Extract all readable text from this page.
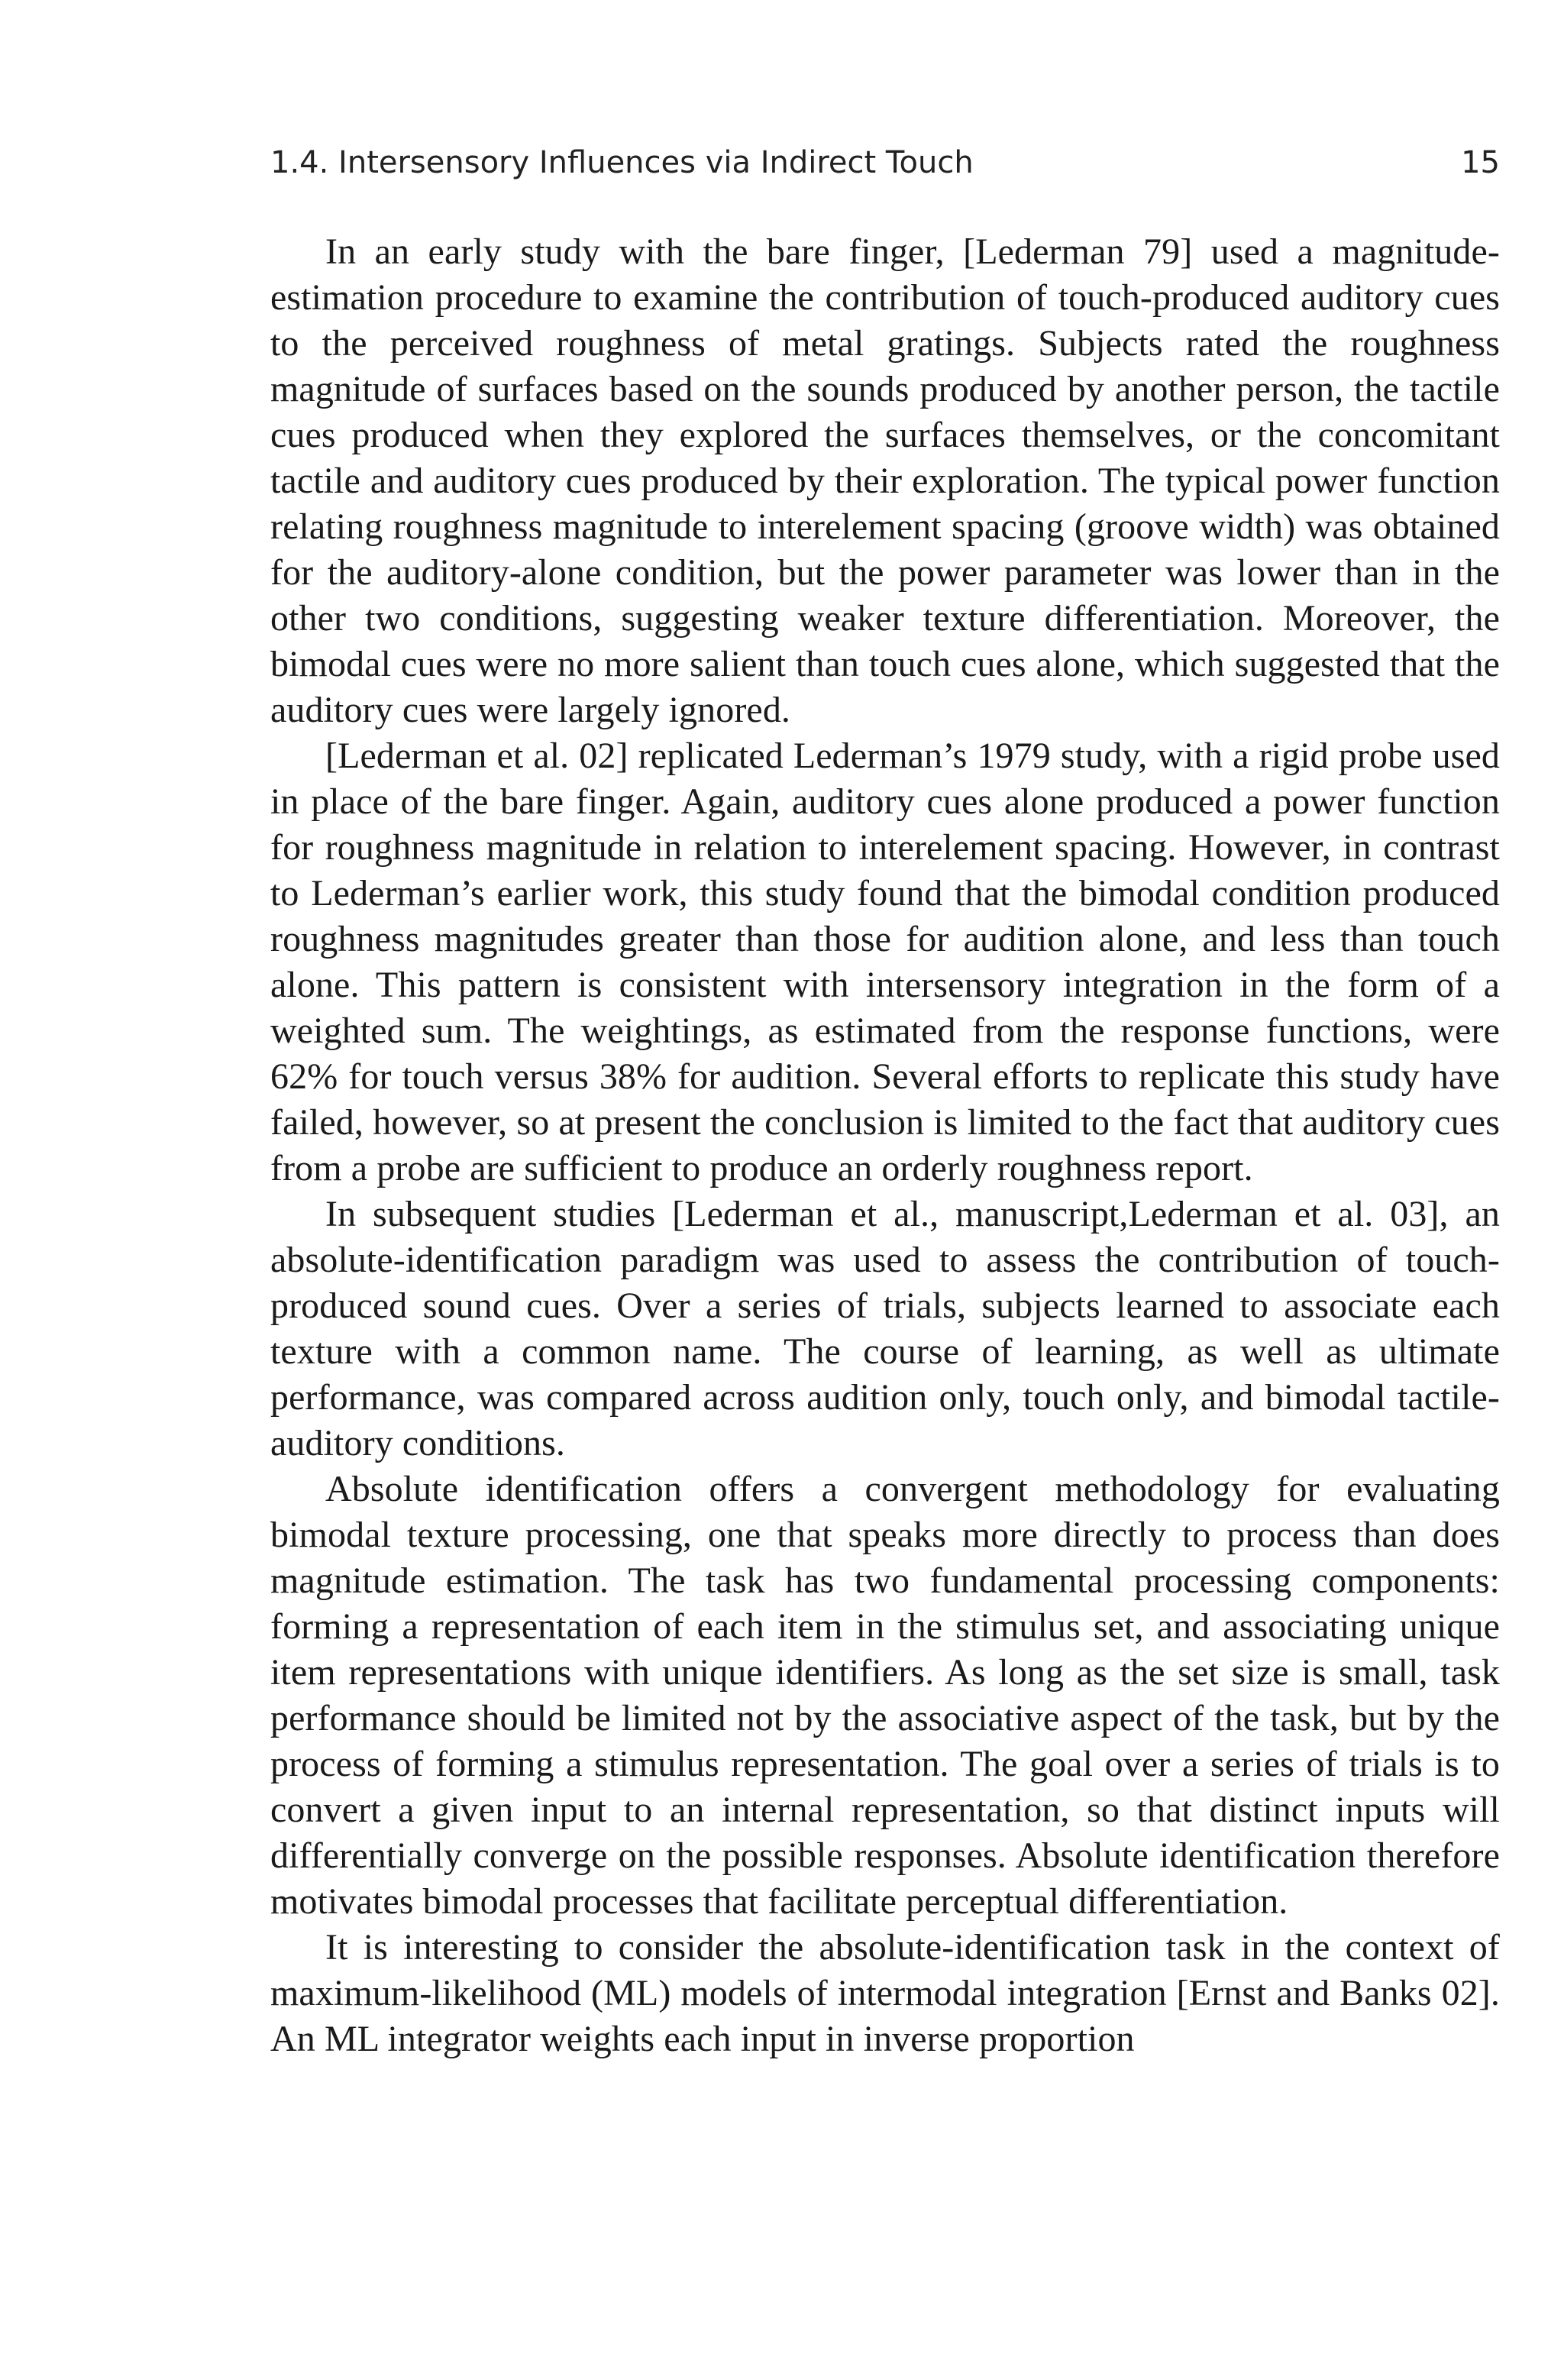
1.4. Intersensory Influences via Indirect Touch	15

In an early study with the bare finger, [Lederman 79] used a magnitude-estimation procedure to examine the contribution of touch-produced auditory cues to the perceived roughness of metal gratings. Subjects rated the roughness magnitude of surfaces based on the sounds produced by another person, the tactile cues produced when they explored the surfaces themselves, or the concomitant tactile and auditory cues produced by their exploration. The typical power function relating roughness magnitude to interelement spacing (groove width) was obtained for the auditory-alone condition, but the power parameter was lower than in the other two conditions, suggesting weaker texture differentiation. Moreover, the bimodal cues were no more salient than touch cues alone, which suggested that the auditory cues were largely ignored.

[Lederman et al. 02] replicated Lederman’s 1979 study, with a rigid probe used in place of the bare finger. Again, auditory cues alone produced a power function for roughness magnitude in relation to interelement spacing. However, in contrast to Lederman’s earlier work, this study found that the bimodal condition produced roughness magnitudes greater than those for audition alone, and less than touch alone. This pattern is consistent with intersensory integration in the form of a weighted sum. The weightings, as estimated from the response functions, were 62% for touch versus 38% for audition. Several efforts to replicate this study have failed, however, so at present the conclusion is limited to the fact that auditory cues from a probe are sufficient to produce an orderly roughness report.

In subsequent studies [Lederman et al., manuscript,Lederman et al. 03], an absolute-identification paradigm was used to assess the contribution of touch-produced sound cues. Over a series of trials, subjects learned to associate each texture with a common name. The course of learning, as well as ultimate performance, was compared across audition only, touch only, and bimodal tactile-auditory conditions.

Absolute identification offers a convergent methodology for evaluating bimodal texture processing, one that speaks more directly to process than does magnitude estimation. The task has two fundamental processing components: forming a representation of each item in the stimulus set, and associating unique item representations with unique identifiers. As long as the set size is small, task performance should be limited not by the associative aspect of the task, but by the process of forming a stimulus representation. The goal over a series of trials is to convert a given input to an internal representation, so that distinct inputs will differentially converge on the possible responses. Absolute identification therefore motivates bimodal processes that facilitate perceptual differentiation.

It is interesting to consider the absolute-identification task in the context of maximum-likelihood (ML) models of intermodal integration [Ernst and Banks 02]. An ML integrator weights each input in inverse proportion
